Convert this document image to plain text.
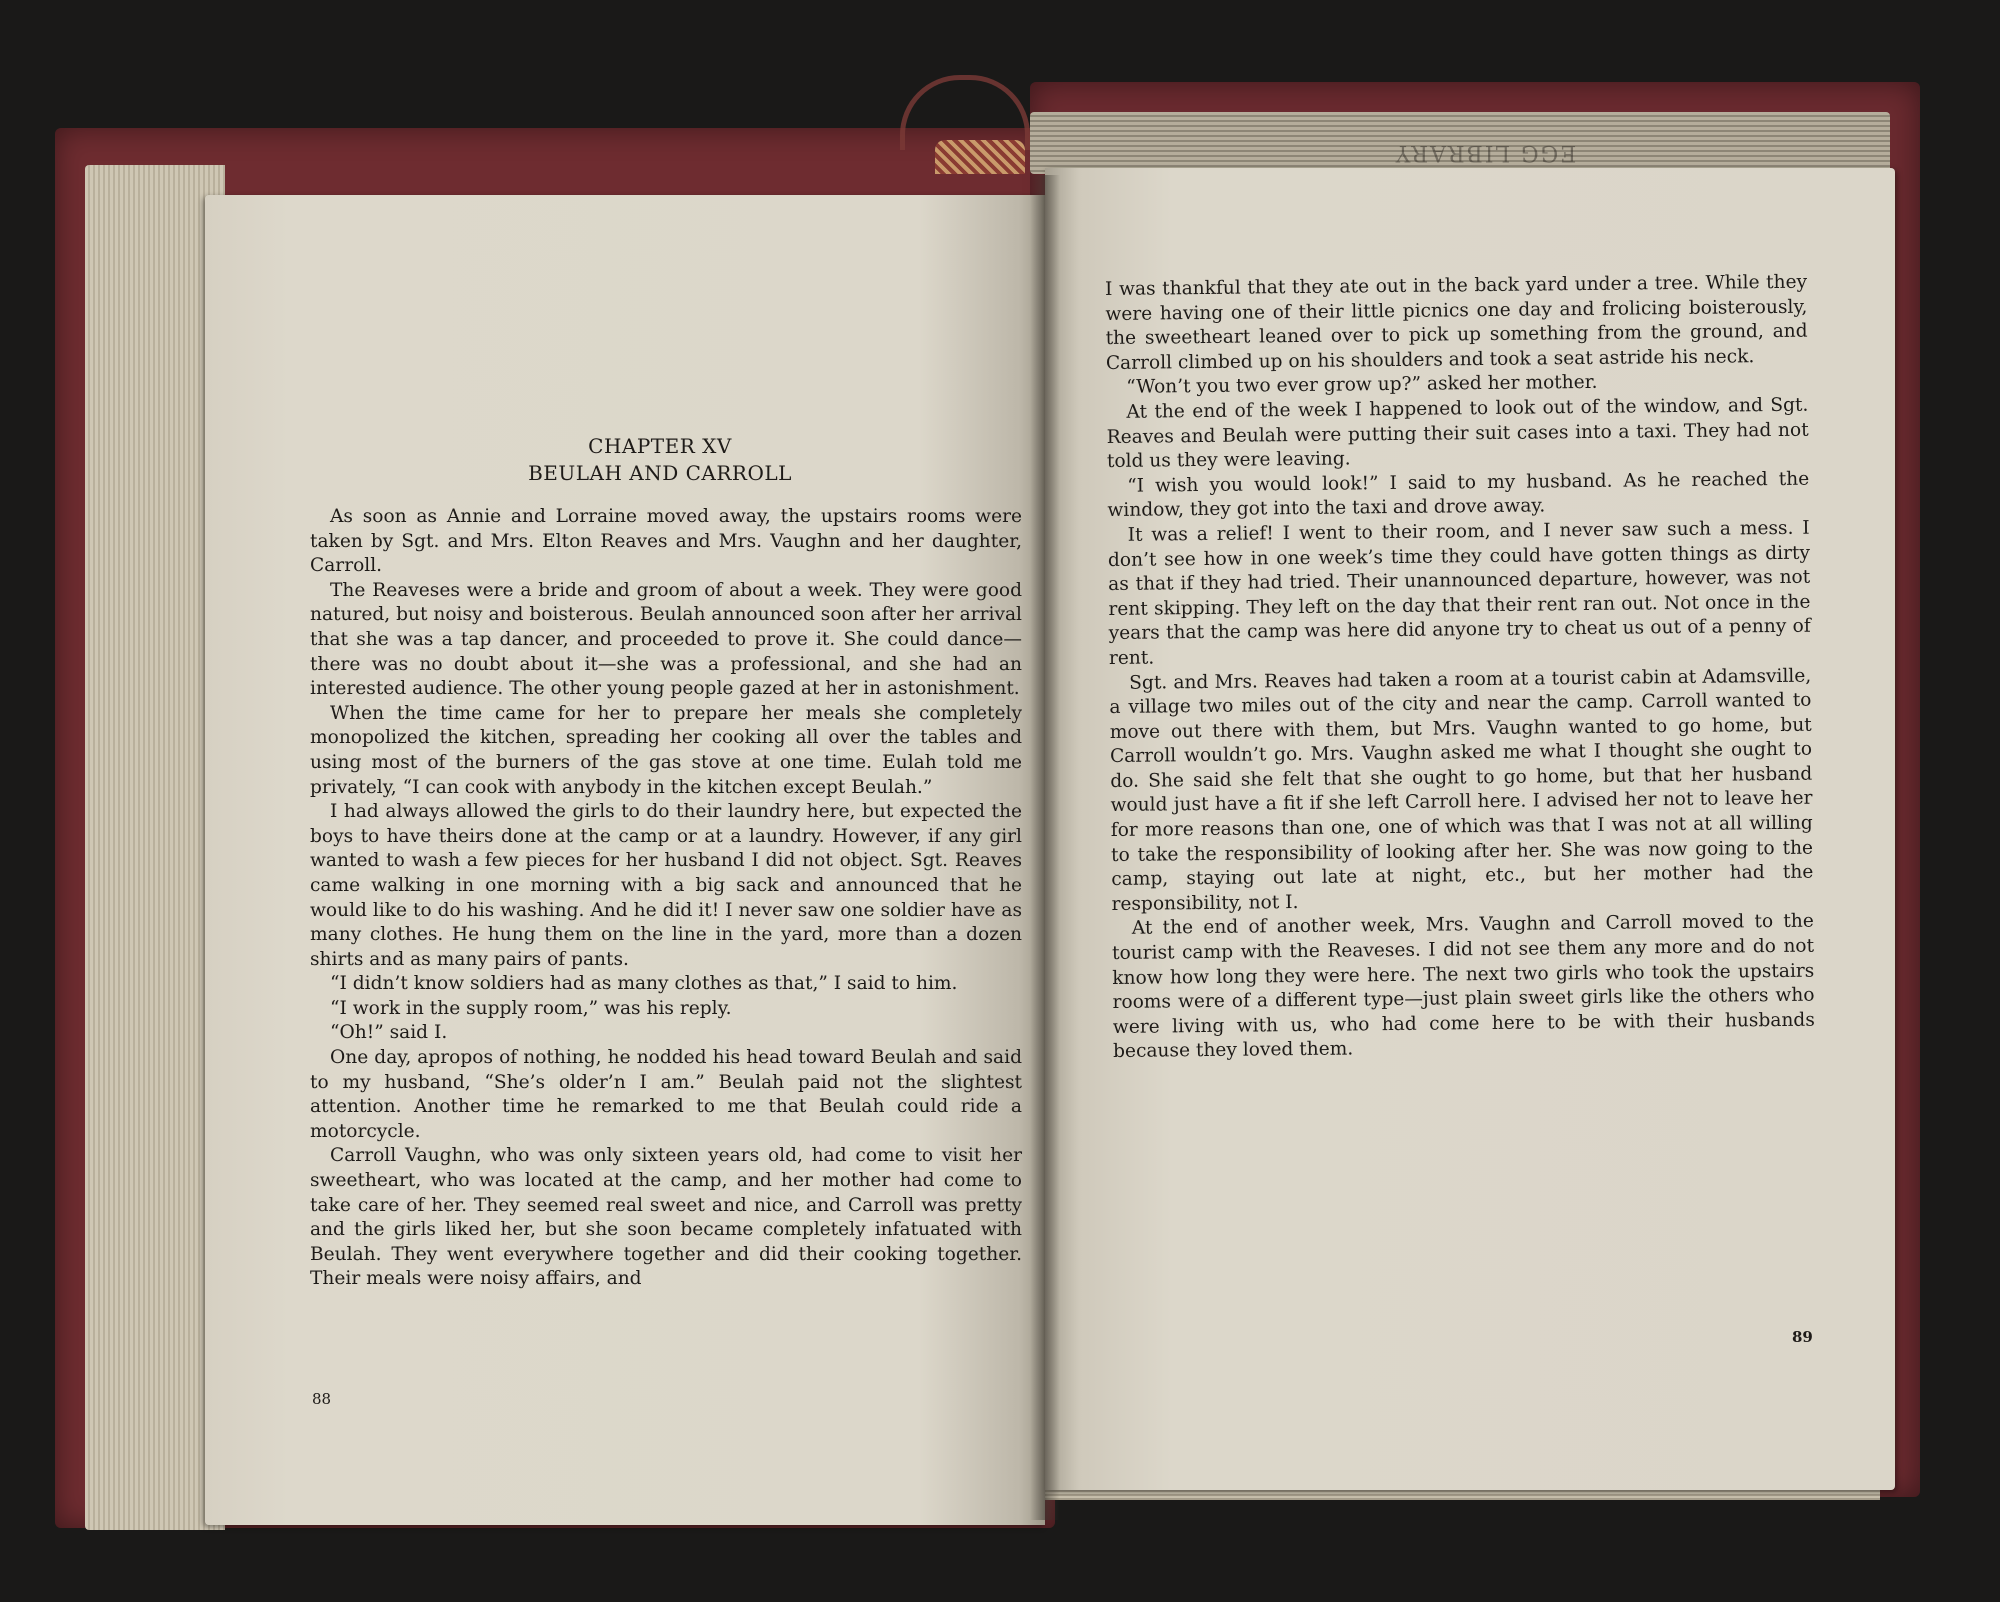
EGG LIBRARY
CHAPTER XV
BEULAH AND CARROLL

As soon as Annie and Lorraine moved away, the upstairs rooms were taken by Sgt. and Mrs. Elton Reaves and Mrs. Vaughn and her daughter, Carroll.

The Reaveses were a bride and groom of about a week. They were good natured, but noisy and boisterous. Beulah announced soon after her arrival that she was a tap dancer, and proceeded to prove it. She could dance—there was no doubt about it—she was a professional, and she had an interested audience. The other young people gazed at her in astonishment.

When the time came for her to prepare her meals she completely monopolized the kitchen, spreading her cooking all over the tables and using most of the burners of the gas stove at one time. Eulah told me privately, “I can cook with anybody in the kitchen except Beulah.”

I had always allowed the girls to do their laundry here, but expected the boys to have theirs done at the camp or at a laundry. However, if any girl wanted to wash a few pieces for her husband I did not object. Sgt. Reaves came walking in one morning with a big sack and announced that he would like to do his washing. And he did it! I never saw one soldier have as many clothes. He hung them on the line in the yard, more than a dozen shirts and as many pairs of pants.

“I didn’t know soldiers had as many clothes as that,” I said to him.

“I work in the supply room,” was his reply.

“Oh!” said I.

One day, apropos of nothing, he nodded his head toward Beulah and said to my husband, “She’s older’n I am.” Beulah paid not the slightest attention. Another time he remarked to me that Beulah could ride a motorcycle.

Carroll Vaughn, who was only sixteen years old, had come to visit her sweetheart, who was located at the camp, and her mother had come to take care of her. They seemed real sweet and nice, and Carroll was pretty and the girls liked her, but she soon became completely infatuated with Beulah. They went everywhere together and did their cooking together. Their meals were noisy affairs, and

88

I was thankful that they ate out in the back yard under a tree. While they were having one of their little picnics one day and frolicing boisterously, the sweetheart leaned over to pick up something from the ground, and Carroll climbed up on his shoulders and took a seat astride his neck.

“Won’t you two ever grow up?” asked her mother.

At the end of the week I happened to look out of the window, and Sgt. Reaves and Beulah were putting their suit cases into a taxi. They had not told us they were leaving.

“I wish you would look!” I said to my husband. As he reached the window, they got into the taxi and drove away.

It was a relief! I went to their room, and I never saw such a mess. I don’t see how in one week’s time they could have gotten things as dirty as that if they had tried. Their unannounced departure, however, was not rent skipping. They left on the day that their rent ran out. Not once in the years that the camp was here did anyone try to cheat us out of a penny of rent.

Sgt. and Mrs. Reaves had taken a room at a tourist cabin at Adamsville, a village two miles out of the city and near the camp. Carroll wanted to move out there with them, but Mrs. Vaughn wanted to go home, but Carroll wouldn’t go. Mrs. Vaughn asked me what I thought she ought to do. She said she felt that she ought to go home, but that her husband would just have a fit if she left Carroll here. I advised her not to leave her for more reasons than one, one of which was that I was not at all willing to take the responsibility of looking after her. She was now going to the camp, staying out late at night, etc., but her mother had the responsibility, not I.

At the end of another week, Mrs. Vaughn and Carroll moved to the tourist camp with the Reaveses. I did not see them any more and do not know how long they were here. The next two girls who took the upstairs rooms were of a different type—just plain sweet girls like the others who were living with us, who had come here to be with their husbands because they loved them.

89
